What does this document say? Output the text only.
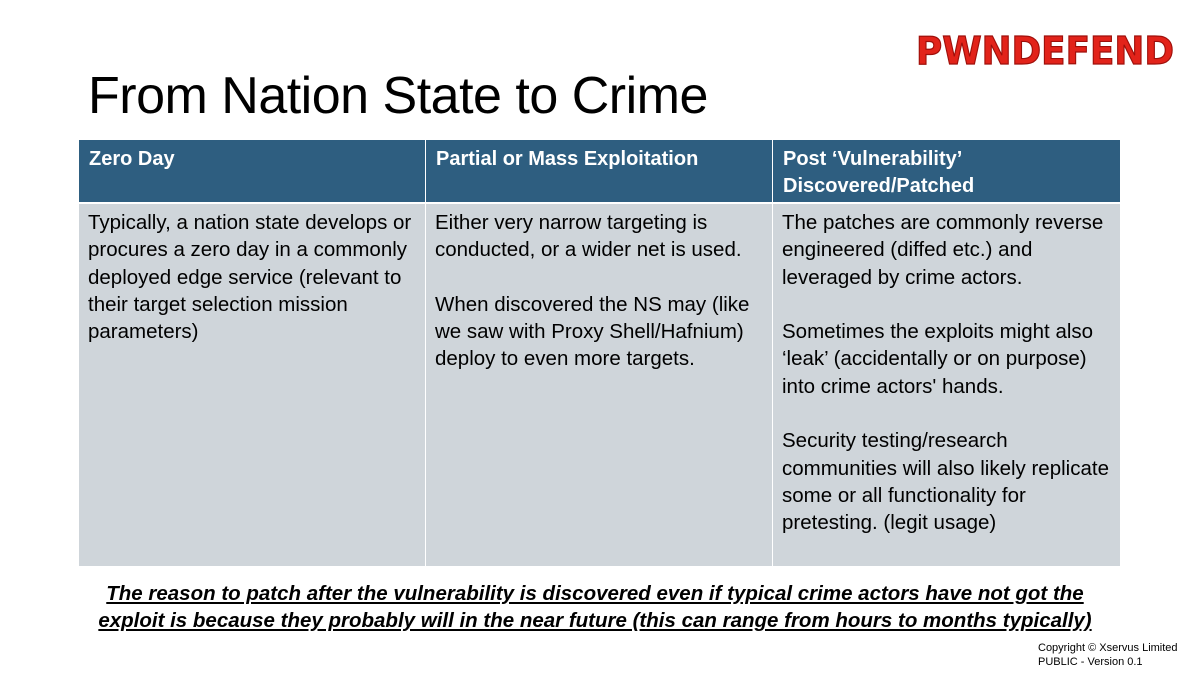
PWNDEFEND
From Nation State to Crime
Zero Day	Partial or Mass Exploitation	Post ‘Vulnerability’ Discovered/Patched

Typically, a nation state develops or procures a zero day in a commonly deployed edge service (relevant to their target selection mission parameters)

Either very narrow targeting is conducted, or a wider net is used.

When discovered the NS may (like we saw with Proxy Shell/Hafnium) deploy to even more targets.

The patches are commonly reverse engineered (diffed etc.) and leveraged by crime actors.

Sometimes the exploits might also ‘leak’ (accidentally or on purpose) into crime actors' hands.

Security testing/research communities will also likely replicate some or all functionality for pretesting. (legit usage)

The reason to patch after the vulnerability is discovered even if typical crime actors have not got the exploit is because they probably will in the near future (this can range from hours to months typically)

Copyright © Xservus Limited
PUBLIC - Version 0.1
